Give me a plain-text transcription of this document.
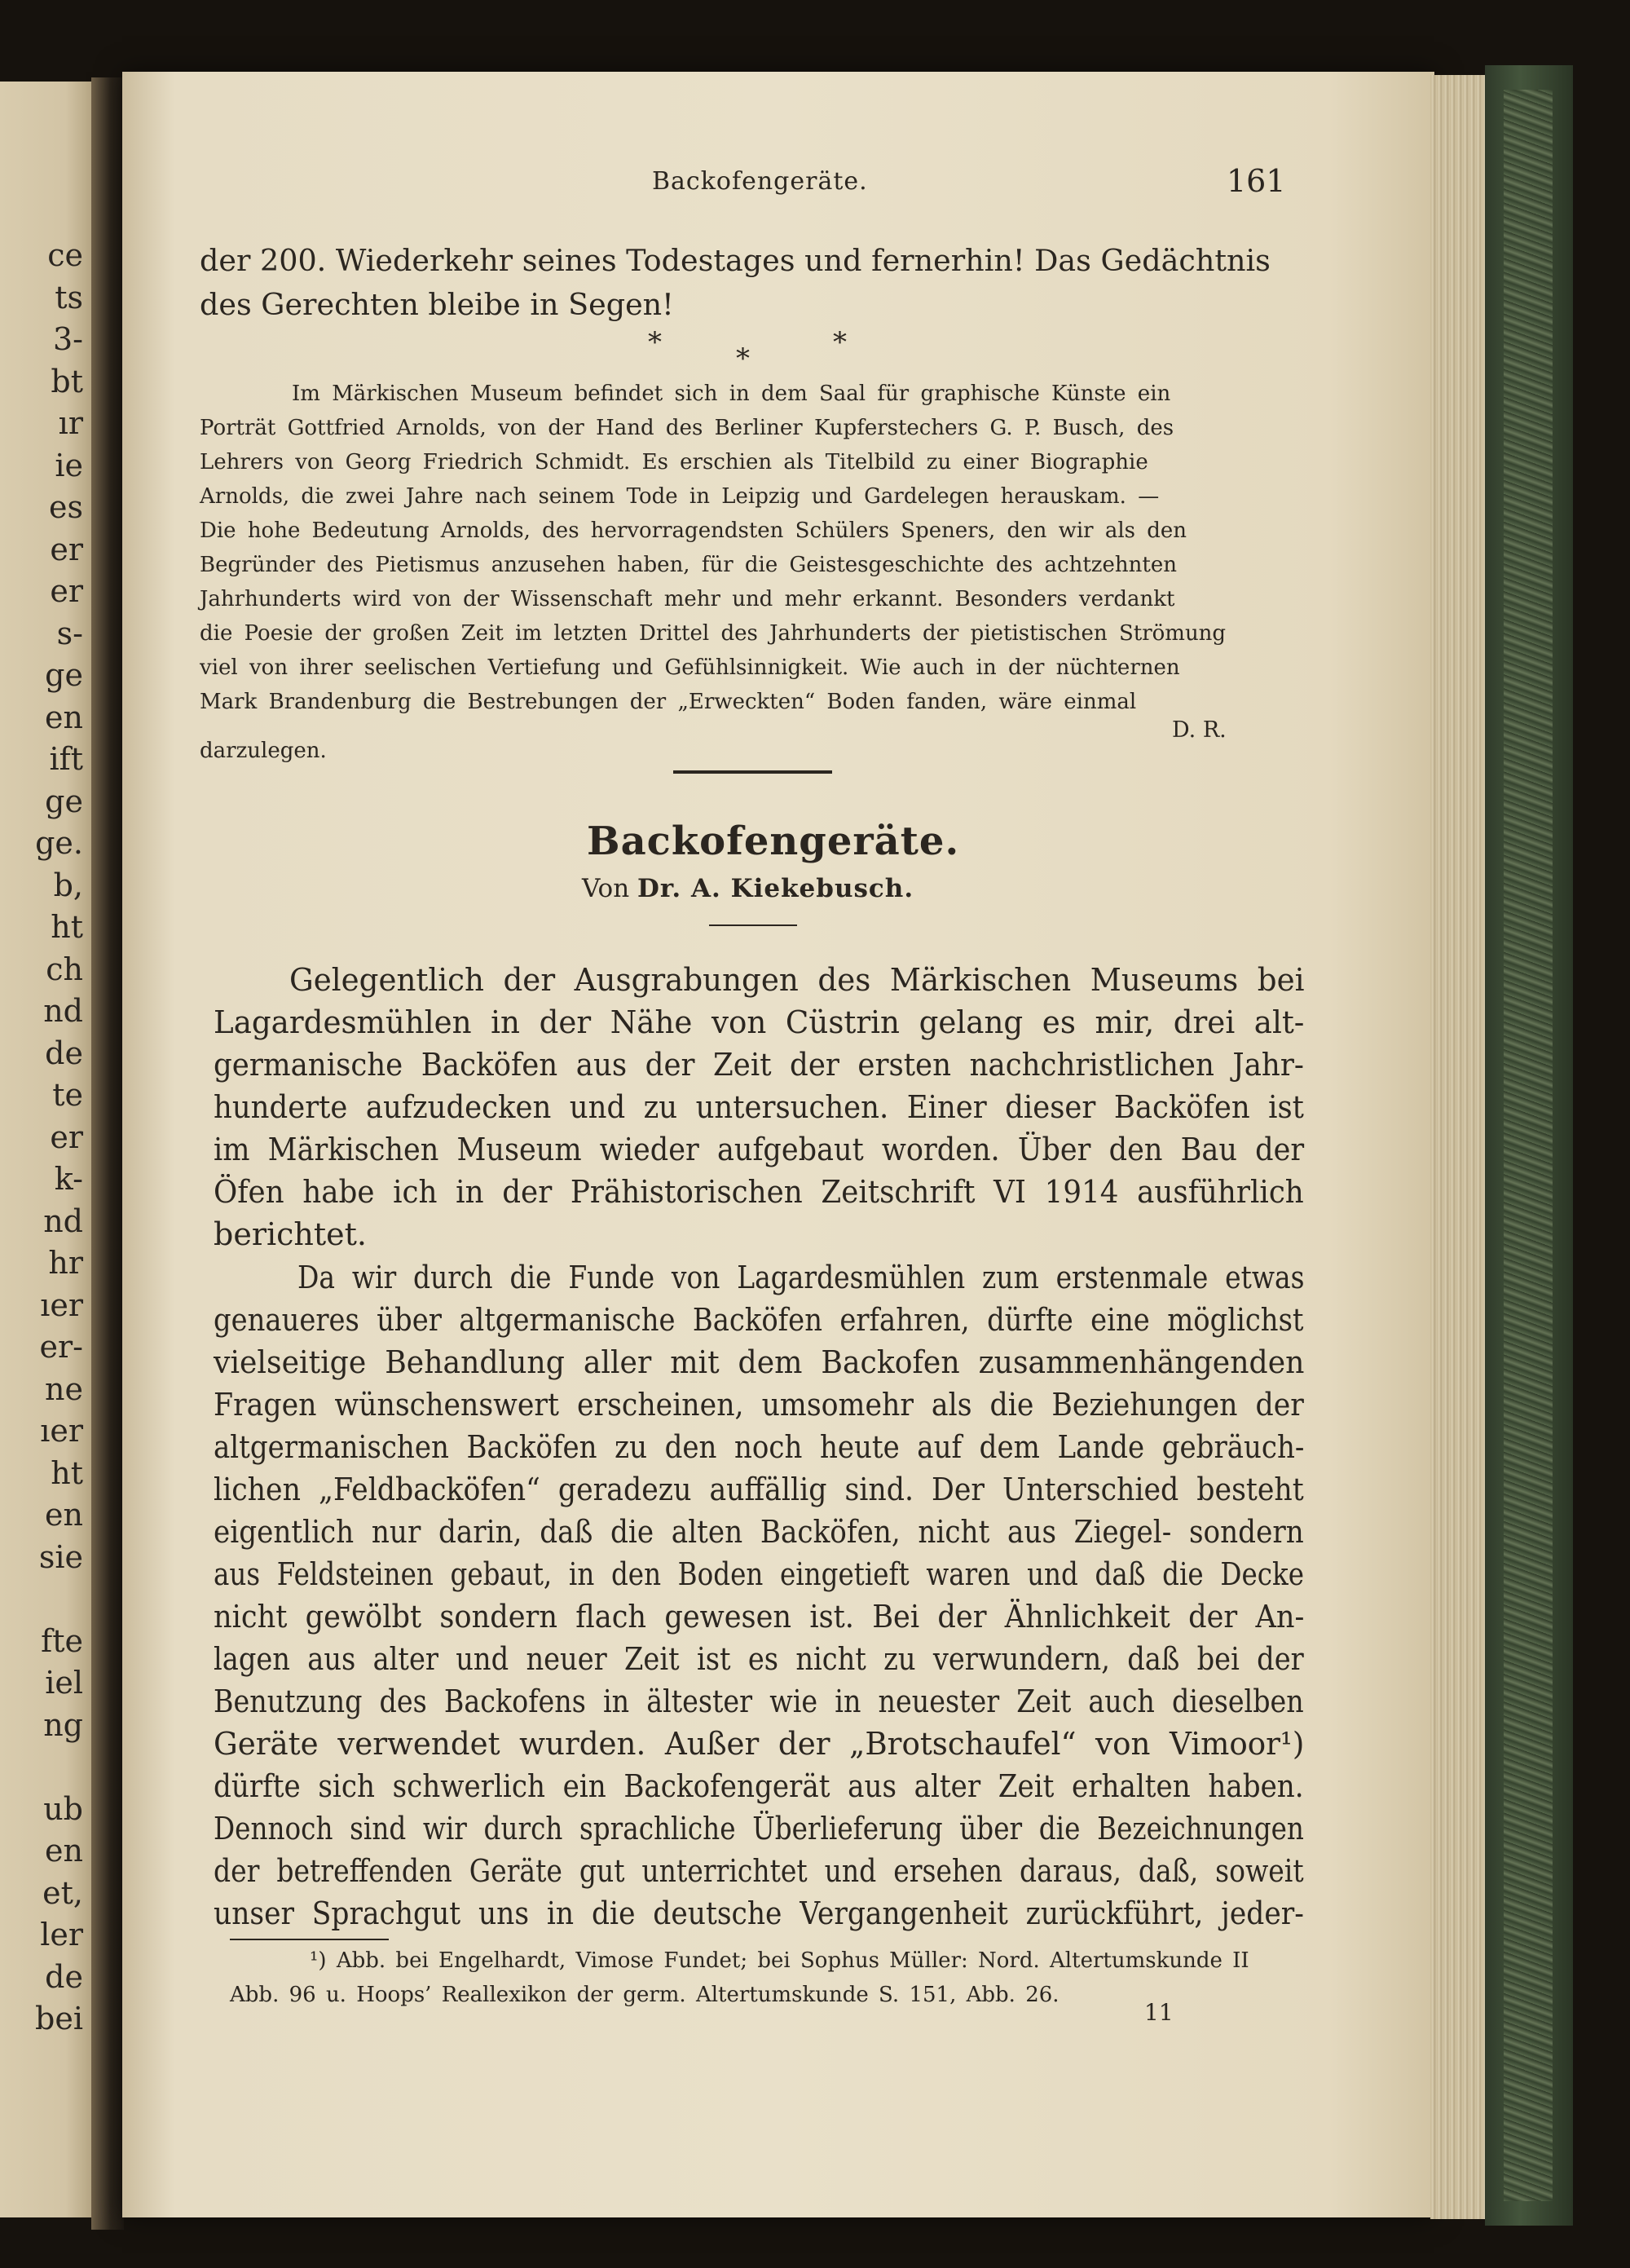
ce
ts
3-
bt
ır
ie
es
er
er
s-
ge
en
ift
ge
ge.
b,
ht
ch
nd
de
te
er
k-
nd
hr
ıer
er-
ne
ıer
ht
en
sie
fte
iel
ng
ub
en
et,
ler
de
bei
Backofengeräte.	161
der 200. Wiederkehr seines Todestages und fernerhin! Das Gedächtnis
des Gerechten bleibe in Segen!
*	*	*
Im Märkischen Museum befindet sich in dem Saal für graphische Künste ein
Porträt Gottfried Arnolds, von der Hand des Berliner Kupferstechers G. P. Busch, des
Lehrers von Georg Friedrich Schmidt. Es erschien als Titelbild zu einer Biographie
Arnolds, die zwei Jahre nach seinem Tode in Leipzig und Gardelegen herauskam. —
Die hohe Bedeutung Arnolds, des hervorragendsten Schülers Speners, den wir als den
Begründer des Pietismus anzusehen haben, für die Geistesgeschichte des achtzehnten
Jahrhunderts wird von der Wissenschaft mehr und mehr erkannt. Besonders verdankt
die Poesie der großen Zeit im letzten Drittel des Jahrhunderts der pietistischen Strömung
viel von ihrer seelischen Vertiefung und Gefühlsinnigkeit. Wie auch in der nüchternen
Mark Brandenburg die Bestrebungen der „Erweckten“ Boden fanden, wäre einmal
darzulegen.
D. R.
Backofengeräte.
Von Dr. A. Kiekebusch.
Gelegentlich der Ausgrabungen des Märkischen Museums bei
Lagardesmühlen in der Nähe von Cüstrin gelang es mir, drei alt-
germanische Backöfen aus der Zeit der ersten nachchristlichen Jahr-
hunderte aufzudecken und zu untersuchen. Einer dieser Backöfen ist
im Märkischen Museum wieder aufgebaut worden. Über den Bau der
Öfen habe ich in der Prähistorischen Zeitschrift VI 1914 ausführlich
berichtet.
Da wir durch die Funde von Lagardesmühlen zum erstenmale etwas
genaueres über altgermanische Backöfen erfahren, dürfte eine möglichst
vielseitige Behandlung aller mit dem Backofen zusammenhängenden
Fragen wünschenswert erscheinen, umsomehr als die Beziehungen der
altgermanischen Backöfen zu den noch heute auf dem Lande gebräuch-
lichen „Feldbacköfen“ geradezu auffällig sind. Der Unterschied besteht
eigentlich nur darin, daß die alten Backöfen, nicht aus Ziegel- sondern
aus Feldsteinen gebaut, in den Boden eingetieft waren und daß die Decke
nicht gewölbt sondern flach gewesen ist. Bei der Ähnlichkeit der An-
lagen aus alter und neuer Zeit ist es nicht zu verwundern, daß bei der
Benutzung des Backofens in ältester wie in neuester Zeit auch dieselben
Geräte verwendet wurden. Außer der „Brotschaufel“ von Vimoor¹)
dürfte sich schwerlich ein Backofengerät aus alter Zeit erhalten haben.
Dennoch sind wir durch sprachliche Überlieferung über die Bezeichnungen
der betreffenden Geräte gut unterrichtet und ersehen daraus, daß, soweit
unser Sprachgut uns in die deutsche Vergangenheit zurückführt, jeder-
¹) Abb. bei Engelhardt, Vimose Fundet; bei Sophus Müller: Nord. Altertumskunde II
Abb. 96 u. Hoops’ Reallexikon der germ. Altertumskunde S. 151, Abb. 26.
11
